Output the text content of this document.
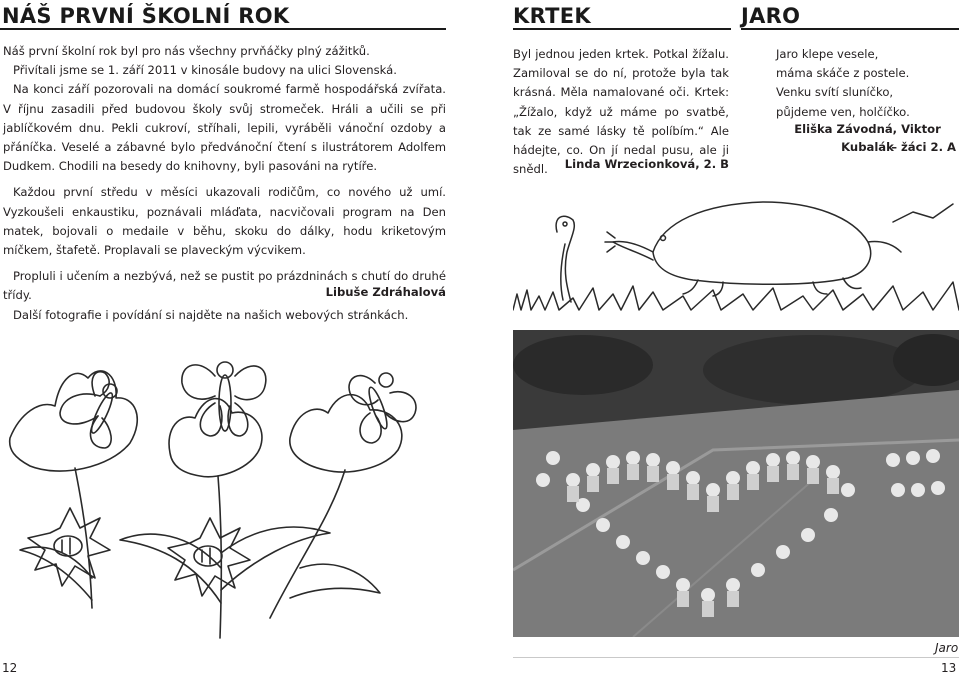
NÁŠ PRVNÍ ŠKOLNÍ ROK

Náš první školní rok byl pro nás všechny prvňáčky plný zážitků.

Přivítali jsme se 1. září 2011 v kinosále budovy na ulici Slovenská.

Na konci září pozorovali na domácí soukromé farmě hospodářská zvířata. V říjnu zasadili před budovou školy svůj stromeček. Hráli a učili se při jablíčkovém dnu. Pekli cukroví, stříhali, lepili, vyráběli vánoční ozdoby a přáníčka. Veselé a zábavné bylo předvánoční čtení s ilustrátorem Adolfem Dudkem. Chodili na besedy do knihovny, byli pasováni na rytíře.

Každou první středu v měsíci ukazovali rodičům, co nového už umí. Vyzkoušeli enkaustiku, poznávali mláďata, nacvičovali program na Den matek, bojovali o medaile v běhu, skoku do dálky, hodu kriketovým míčkem, štafetě. Proplavali se plaveckým výcvikem.

Propluli i učením a nezbývá, než se pustit po prázdninách s chutí do druhé třídy.

Další fotografie i povídání si najděte na našich webových stránkách.

Libuše Zdráhalová
12
KRTEK	JARO

Byl jednou jeden krtek. Potkal žížalu. Zamiloval se do ní, protože byla tak krásná. Měla namalované oči. Krtek: „Žížalo, když už máme po svatbě, tak ze samé lásky tě políbím.“ Ale hádejte, co. On jí nedal pusu, ale ji snědl.	Linda Wrzecionková, 2. B

Jaro klepe vesele,

máma skáče z postele.

Venku svítí sluníčko,

půjdeme ven, holčíčko.

Eliška Závodná, Viktor Kubalák
– žáci 2. A
Jaro
13
